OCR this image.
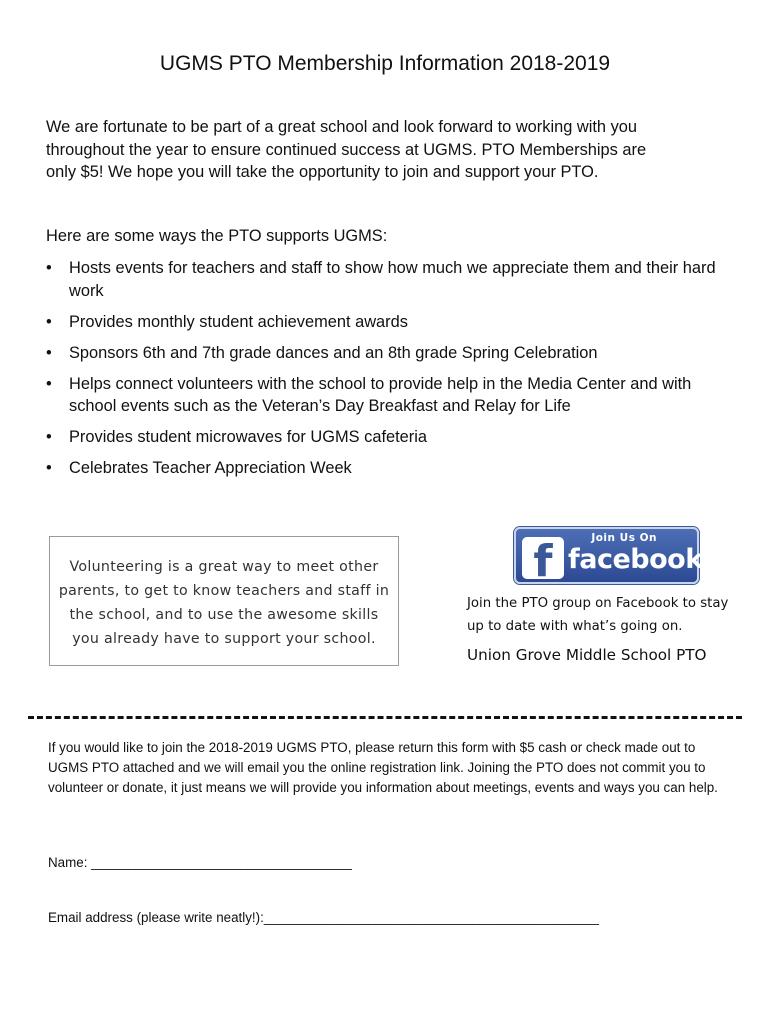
UGMS PTO Membership Information 2018-2019
We are fortunate to be part of a great school and look forward to working with you
throughout the year to ensure continued success at UGMS. PTO Memberships are
only $5! We hope you will take the opportunity to join and support your PTO.
Here are some ways the PTO supports UGMS:
• Hosts events for teachers and staff to show how much we appreciate them and their hard work
• Provides monthly student achievement awards
• Sponsors 6th and 7th grade dances and an 8th grade Spring Celebration
• Helps connect volunteers with the school to provide help in the Media Center and with school events such as the Veteran’s Day Breakfast and Relay for Life
• Provides student microwaves for UGMS cafeteria
• Celebrates Teacher Appreciation Week
Volunteering is a great way to meet other parents, to get to know teachers and staff in the school, and to use the awesome skills you already have to support your school.
Join Us On
f facebook
Join the PTO group on Facebook to stay up to date with what’s going on.
Union Grove Middle School PTO
If you would like to join the 2018-2019 UGMS PTO, please return this form with $5 cash or check made out to UGMS PTO attached and we will email you the online registration link. Joining the PTO does not commit you to volunteer or donate, it just means we will provide you information about meetings, events and ways you can help.
Name: ___________________________________
Email address (please write neatly!):_____________________________________________
